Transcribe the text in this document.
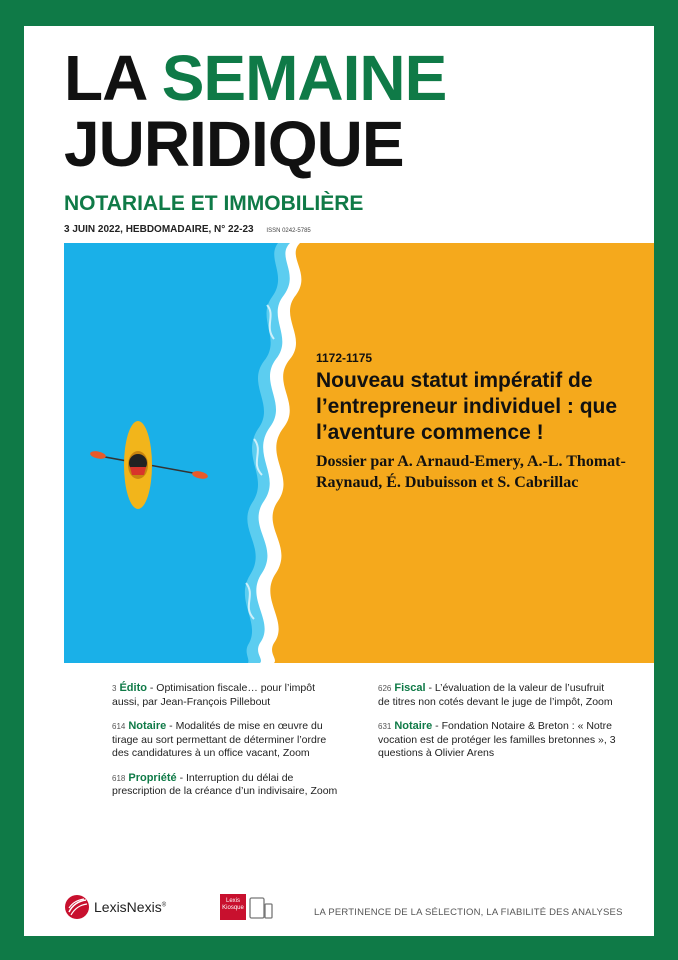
LA SEMAINE
JURIDIQUE
NOTARIALE ET IMMOBILIÈRE
3 JUIN 2022, HEBDOMADAIRE, N° 22-23 ISSN 0242-5785
1172-1175
Nouveau statut impératif de l’entrepreneur individuel : que l’aventure commence !
Dossier par A. Arnaud-Emery, A.-L. Thomat-Raynaud, É. Dubuisson et S. Cabrillac
3 Édito - Optimisation fiscale… pour l’impôt aussi, par Jean-François Pillebout
614 Notaire - Modalités de mise en œuvre du tirage au sort permettant de déterminer l’ordre des candidatures à un office vacant, Zoom
618 Propriété - Interruption du délai de prescription de la créance d’un indivisaire, Zoom
626 Fiscal - L’évaluation de la valeur de l’usufruit de titres non cotés devant le juge de l’impôt, Zoom
631 Notaire - Fondation Notaire & Breton : « Notre vocation est de protéger les familles bretonnes », 3 questions à Olivier Arens
LexisNexis®
Lexis
Kiosque	LA PERTINENCE DE LA SÉLECTION, LA FIABILITÉ DES ANALYSES
